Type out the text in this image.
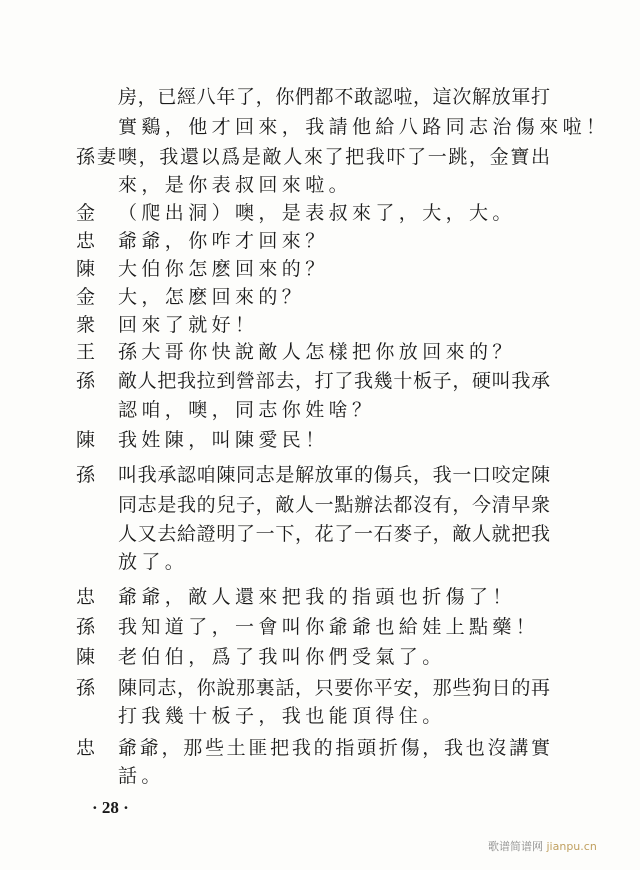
房，已經八年了，你們都不敢認啦，這次解放軍打
實鷄，他才回來，我請他給八路同志治傷來啦！
孫妻 噢，我還以爲是敵人來了把我吓了一跳，金寶出
來，是你表叔回來啦。
金 （爬出洞）噢，是表叔來了，大，大。
忠 爺爺，你咋才回來？
陳 大伯你怎麽回來的？
金 大，怎麽回來的？
衆 回來了就好！
王 孫大哥你快說敵人怎樣把你放回來的？
孫 敵人把我拉到營部去，打了我幾十板子，硬叫我承
認咱，噢，同志你姓啥？
陳 我姓陳，叫陳愛民！
孫 叫我承認咱陳同志是解放軍的傷兵，我一口咬定陳
同志是我的兒子，敵人一點辦法都沒有，今清早衆
人又去給證明了一下，花了一石麥子，敵人就把我
放了。
忠 爺爺，敵人還來把我的指頭也折傷了！
孫 我知道了，一會叫你爺爺也給娃上點藥！
陳 老伯伯，爲了我叫你們受氣了。
孫 陳同志，你說那裏話，只要你平安，那些狗日的再
打我幾十板子，我也能頂得住。
忠 爺爺，那些土匪把我的指頭折傷，我也沒講實
話。
· 28 ·
歌谱简谱网 jianpu.cn
